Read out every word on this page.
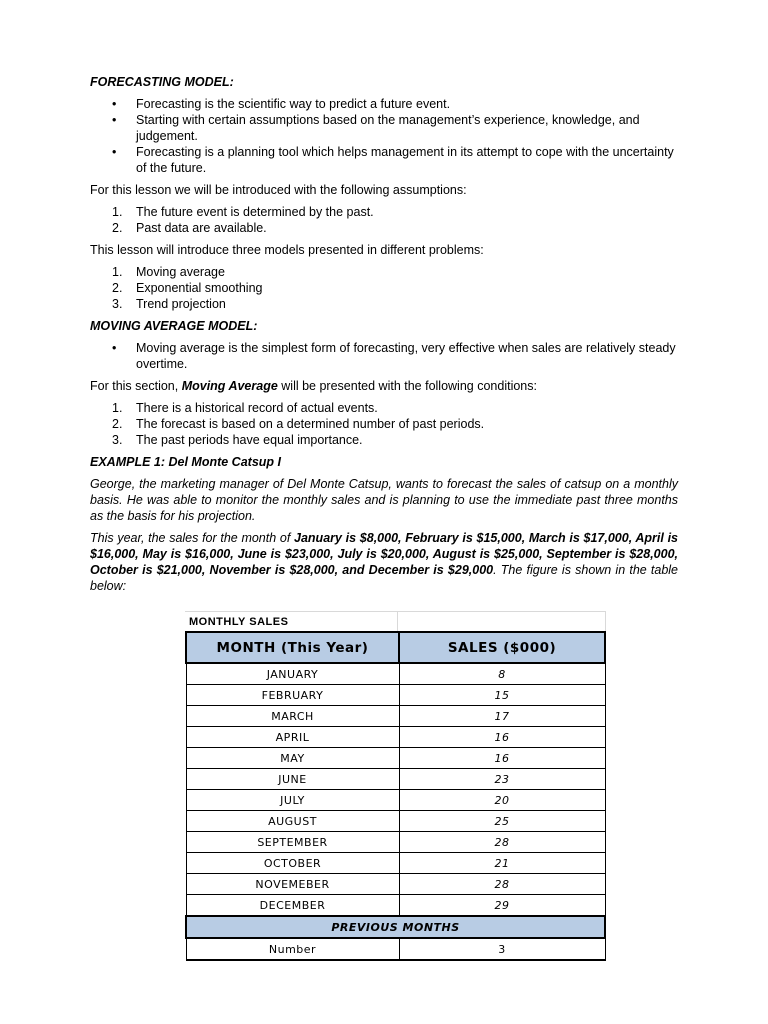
FORECASTING MODEL:
• Forecasting is the scientific way to predict a future event.
• Starting with certain assumptions based on the management’s experience, knowledge, and judgement.
• Forecasting is a planning tool which helps management in its attempt to cope with the uncertainty of the future.

For this lesson we will be introduced with the following assumptions:

1. The future event is determined by the past.
2. Past data are available.

This lesson will introduce three models presented in different problems:

1. Moving average
2. Exponential smoothing
3. Trend projection
MOVING AVERAGE MODEL:
• Moving average is the simplest form of forecasting, very effective when sales are relatively steady overtime.

For this section, Moving Average will be presented with the following conditions:

1. There is a historical record of actual events.
2. The forecast is based on a determined number of past periods.
3. The past periods have equal importance.
EXAMPLE 1: Del Monte Catsup I

George, the marketing manager of Del Monte Catsup, wants to forecast the sales of catsup on a monthly basis. He was able to monitor the monthly sales and is planning to use the immediate past three months as the basis for his projection.

This year, the sales for the month of January is $8,000, February is $15,000, March is $17,000, April is $16,000, May is $16,000, June is $23,000, July is $20,000, August is $25,000, September is $28,000, October is $21,000, November is $28,000, and December is $29,000. The figure is shown in the table below:

MONTHLY SALES
MONTH (This Year)	SALES ($000)
JANUARY	8
FEBRUARY	15
MARCH	17
APRIL	16
MAY	16
JUNE	23
JULY	20
AUGUST	25
SEPTEMBER	28
OCTOBER	21
NOVEMEBER	28
DECEMBER	29
PREVIOUS MONTHS	
Number	3
